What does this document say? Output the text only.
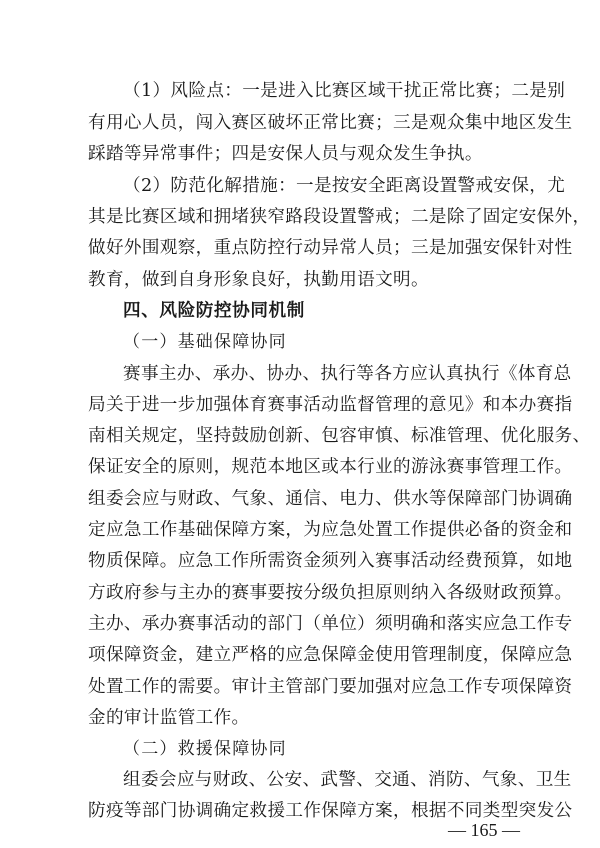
（1）风险点：一是进入比赛区域干扰正常比赛；二是别
有用心人员，闯入赛区破坏正常比赛；三是观众集中地区发生
踩踏等异常事件；四是安保人员与观众发生争执。
（2）防范化解措施：一是按安全距离设置警戒安保，尤
其是比赛区域和拥堵狭窄路段设置警戒；二是除了固定安保外，
做好外围观察，重点防控行动异常人员；三是加强安保针对性
教育，做到自身形象良好，执勤用语文明。
四、风险防控协同机制
（一）基础保障协同
赛事主办、承办、协办、执行等各方应认真执行《体育总
局关于进一步加强体育赛事活动监督管理的意见》和本办赛指
南相关规定，坚持鼓励创新、包容审慎、标准管理、优化服务、
保证安全的原则，规范本地区或本行业的游泳赛事管理工作。
组委会应与财政、气象、通信、电力、供水等保障部门协调确
定应急工作基础保障方案，为应急处置工作提供必备的资金和
物质保障。应急工作所需资金须列入赛事活动经费预算，如地
方政府参与主办的赛事要按分级负担原则纳入各级财政预算。
主办、承办赛事活动的部门（单位）须明确和落实应急工作专
项保障资金，建立严格的应急保障金使用管理制度，保障应急
处置工作的需要。审计主管部门要加强对应急工作专项保障资
金的审计监管工作。
（二）救援保障协同
组委会应与财政、公安、武警、交通、消防、气象、卫生
防疫等部门协调确定救援工作保障方案，根据不同类型突发公
— 165 —
